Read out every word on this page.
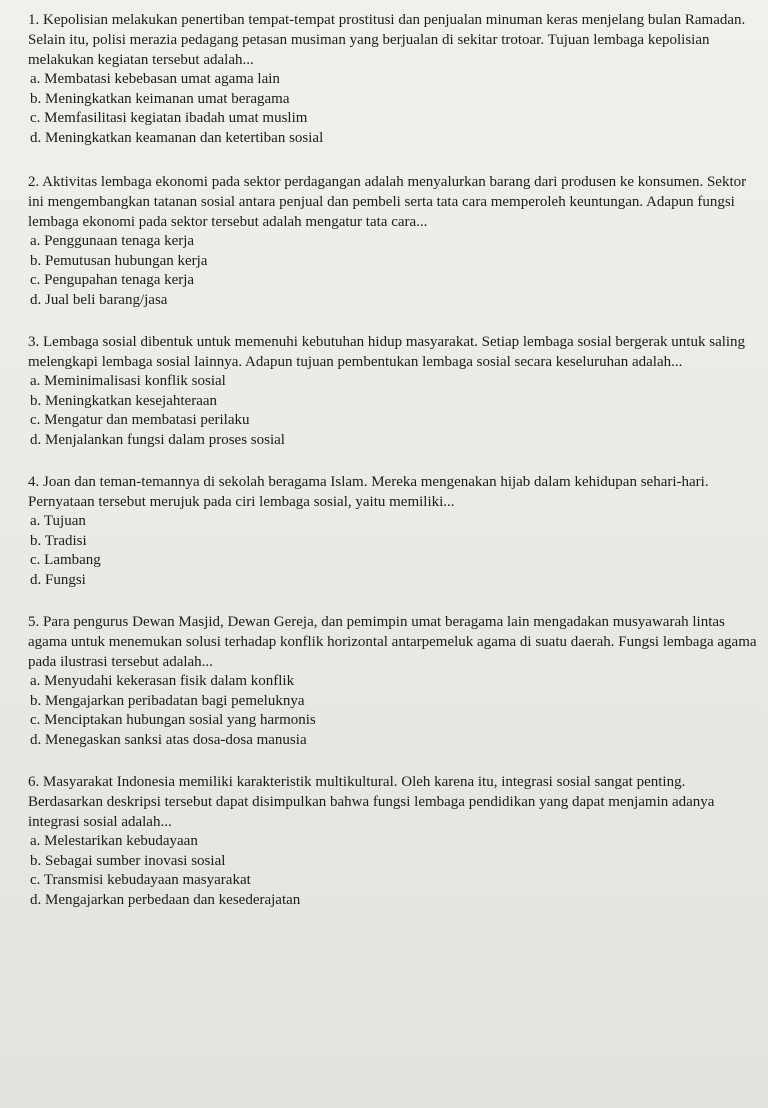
1. Kepolisian melakukan penertiban tempat-tempat prostitusi dan penjualan minuman keras menjelang bulan Ramadan. Selain itu, polisi merazia pedagang petasan musiman yang berjualan di sekitar trotoar. Tujuan lembaga kepolisian melakukan kegiatan tersebut adalah...

a. Membatasi kebebasan umat agama lain
b. Meningkatkan keimanan umat beragama
c. Memfasilitasi kegiatan ibadah umat muslim
d. Meningkatkan keamanan dan ketertiban sosial

2. Aktivitas lembaga ekonomi pada sektor perdagangan adalah menyalurkan barang dari produsen ke konsumen. Sektor ini mengembangkan tatanan sosial antara penjual dan pembeli serta tata cara memperoleh keuntungan. Adapun fungsi lembaga ekonomi pada sektor tersebut adalah mengatur tata cara...

a. Penggunaan tenaga kerja
b. Pemutusan hubungan kerja
c. Pengupahan tenaga kerja
d. Jual beli barang/jasa

3. Lembaga sosial dibentuk untuk memenuhi kebutuhan hidup masyarakat. Setiap lembaga sosial bergerak untuk saling melengkapi lembaga sosial lainnya. Adapun tujuan pembentukan lembaga sosial secara keseluruhan adalah...

a. Meminimalisasi konflik sosial
b. Meningkatkan kesejahteraan
c. Mengatur dan membatasi perilaku
d. Menjalankan fungsi dalam proses sosial

4. Joan dan teman-temannya di sekolah beragama Islam. Mereka mengenakan hijab dalam kehidupan sehari-hari. Pernyataan tersebut merujuk pada ciri lembaga sosial, yaitu memiliki...

a. Tujuan
b. Tradisi
c. Lambang
d. Fungsi

5. Para pengurus Dewan Masjid, Dewan Gereja, dan pemimpin umat beragama lain mengadakan musyawarah lintas agama untuk menemukan solusi terhadap konflik horizontal antarpemeluk agama di suatu daerah. Fungsi lembaga agama pada ilustrasi tersebut adalah...

a. Menyudahi kekerasan fisik dalam konflik
b. Mengajarkan peribadatan bagi pemeluknya
c. Menciptakan hubungan sosial yang harmonis
d. Menegaskan sanksi atas dosa-dosa manusia

6. Masyarakat Indonesia memiliki karakteristik multikultural. Oleh karena itu, integrasi sosial sangat penting. Berdasarkan deskripsi tersebut dapat disimpulkan bahwa fungsi lembaga pendidikan yang dapat menjamin adanya integrasi sosial adalah...

a. Melestarikan kebudayaan
b. Sebagai sumber inovasi sosial
c. Transmisi kebudayaan masyarakat
d. Mengajarkan perbedaan dan kesederajatan
